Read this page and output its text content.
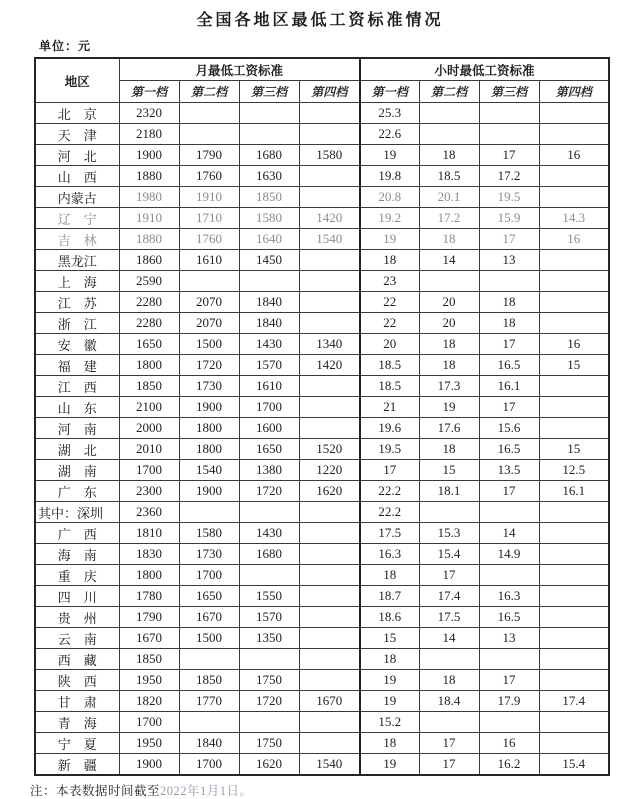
全国各地区最低工资标准情况
单位：元
地区	月最低工资标准				小时最低工资标准			
	第一档	第二档	第三档	第四档	第一档	第二档	第三档	第四档
北　京	2320				25.3			
天　津	2180				22.6			
河　北	1900	1790	1680	1580	19	18	17	16
山　西	1880	1760	1630		19.8	18.5	17.2	
内蒙古	1980	1910	1850		20.8	20.1	19.5	
辽　宁	1910	1710	1580	1420	19.2	17.2	15.9	14.3
吉　林	1880	1760	1640	1540	19	18	17	16
黑龙江	1860	1610	1450		18	14	13	
上　海	2590				23			
江　苏	2280	2070	1840		22	20	18	
浙　江	2280	2070	1840		22	20	18	
安　徽	1650	1500	1430	1340	20	18	17	16
福　建	1800	1720	1570	1420	18.5	18	16.5	15
江　西	1850	1730	1610		18.5	17.3	16.1	
山　东	2100	1900	1700		21	19	17	
河　南	2000	1800	1600		19.6	17.6	15.6	
湖　北	2010	1800	1650	1520	19.5	18	16.5	15
湖　南	1700	1540	1380	1220	17	15	13.5	12.5
广　东	2300	1900	1720	1620	22.2	18.1	17	16.1
其中：深圳	2360				22.2			
广　西	1810	1580	1430		17.5	15.3	14	
海　南	1830	1730	1680		16.3	15.4	14.9	
重　庆	1800	1700			18	17		
四　川	1780	1650	1550		18.7	17.4	16.3	
贵　州	1790	1670	1570		18.6	17.5	16.5	
云　南	1670	1500	1350		15	14	13	
西　藏	1850				18			
陕　西	1950	1850	1750		19	18	17	
甘　肃	1820	1770	1720	1670	19	18.4	17.9	17.4
青　海	1700				15.2			
宁　夏	1950	1840	1750		18	17	16	
新　疆	1900	1700	1620	1540	19	17	16.2	15.4
注：本表数据时间截至2022年1月1日。
